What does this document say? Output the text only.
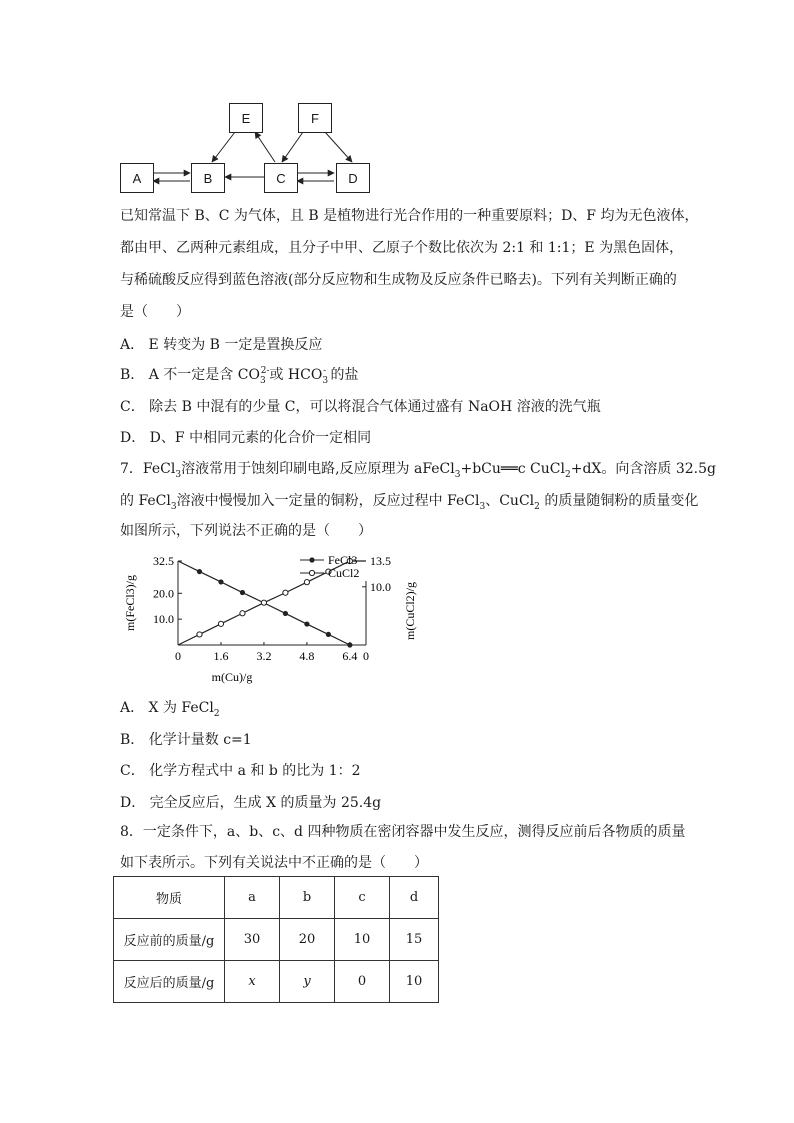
A	B	C	D
E	F
已知常温下 B、C 为气体，且 B 是植物进行光合作用的一种重要原料；D、F 均为无色液体，
都由甲、乙两种元素组成，且分子中甲、乙原子个数比依次为 2:1 和 1:1；E 为黑色固体，
与稀硫酸反应得到蓝色溶液(部分反应物和生成物及反应条件已略去)。下列有关判断正确的
是（　　）
A． E 转变为 B 一定是置换反应
B． A 不一定是含 $CO_3^{2-}$或 $HCO_3^-$ 的盐
C． 除去 B 中混有的少量 C，可以将混合气体通过盛有 NaOH 溶液的洗气瓶
D． D、F 中相同元素的化合价一定相同
7．FeCl$_3$溶液常用于蚀刻印刷电路,反应原理为 aFeCl$_3$+bCu══c CuCl$_2$+dX。向含溶质 32.5g
的 FeCl$_3$溶液中慢慢加入一定量的铜粉，反应过程中 FeCl$_3$、CuCl$_2$ 的质量随铜粉的质量变化
如图所示，下列说法不正确的是（　　）
32.5
20.0
10.0
13.5
10.0
0	1.6 3.2 4.8 6.4 0
m(Cu)/g
m(FeCl3)/g	m(CuCl2)/g
FeCl3
CuCl2
A． X 为 FeCl$_2$
B． 化学计量数 c=1
C． 化学方程式中 a 和 b 的比为 1：2
D． 完全反应后，生成 X 的质量为 25.4g
8．一定条件下，a、b、c、d 四种物质在密闭容器中发生反应，测得反应前后各物质的质量
如下表所示。下列有关说法中不正确的是（　　）
物质	a	b	c	d
反应前的质量/g	30	20	10	15
反应后的质量/g	x	y	0	10
